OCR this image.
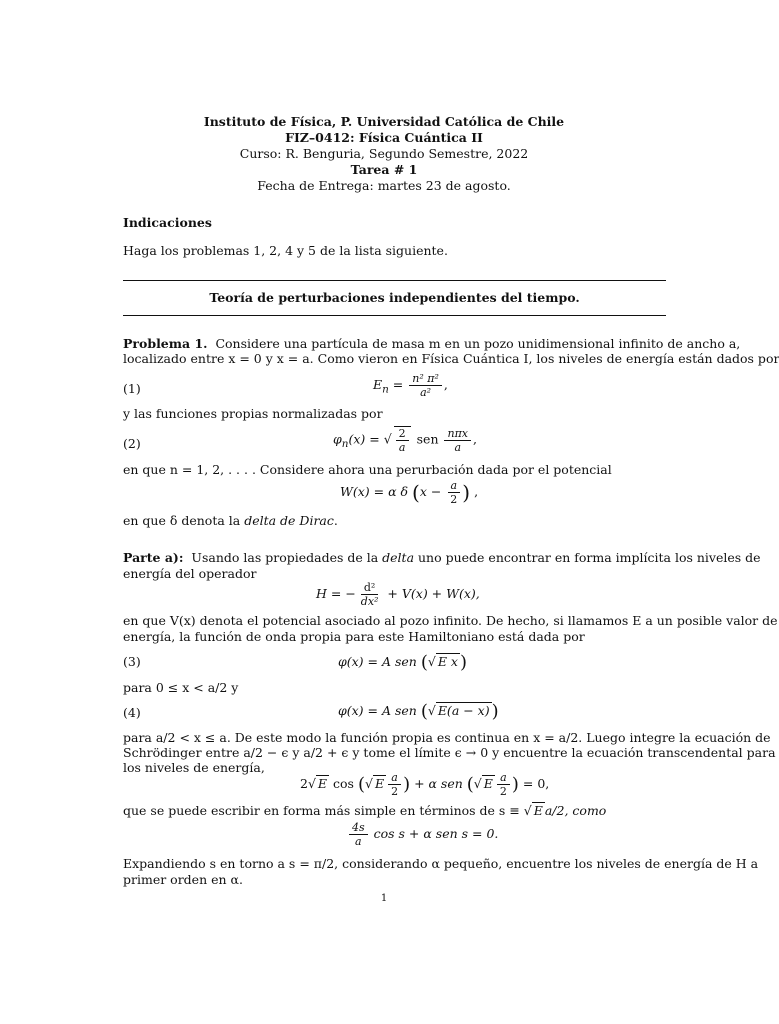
Instituto de Física, P. Universidad Católica de Chile
FIZ–0412: Física Cuántica II
Curso: R. Benguria, Segundo Semestre, 2022
Tarea # 1
Fecha de Entrega: martes 23 de agosto.
Indicaciones
Haga los problemas 1, 2, 4 y 5 de la lista siguiente.
Teoría de perturbaciones independientes del tiempo.
Problema 1. Considere una partícula de masa m en un pozo unidimensional infinito de ancho a,
localizado entre x = 0 y x = a. Como vieron en Física Cuántica I, los niveles de energía están dados por
(1)	$E_n = \frac{\text{n² π²}}{\text{a²}}$ ,
y las funciones propias normalizadas por
(2)	$\varphi_n(x)$ = √ $\frac{2}{a}$ sen $\frac{\text{nπx}}{a}$ ,
en que n = 1, 2, . . . . Considere ahora una perurbación dada por el potencial
W(x) = α δ ($x - \frac{a}{2}$ ) ,
en que δ denota la delta de Dirac.
Parte a): Usando las propiedades de la delta uno puede encontrar en forma implícita los niveles de
energía del operador
H = − $\frac{\text{d²}}{\text{dx²}} + V(x) + W(x)$,
en que V(x) denota el potencial asociado al pozo infinito. De hecho, si llamamos E a un posible valor de
energía, la función de onda propia para este Hamiltoniano está dada por
(3)	φ(x) = A sen (√ E x )
para 0 ≤ x < a/2 y
(4)	φ(x) = A sen (√ E(a − x) )
para a/2 < x ≤ a. De este modo la función propia es continua en x = a/2. Luego integre la ecuación de
Schrödinger entre a/2 − ϵ y a/2 + ϵ y tome el límite ϵ → 0 y encuentre la ecuación transcendental para
los niveles de energía,
2√ E cos (√ E $\frac{a}{2}$ ) + α sen (√ E $\frac{a}{2}$ ) = 0,
que se puede escribir en forma más simple en términos de s ≡ √ E a/2, como
$\frac{4s}{a}$ cos s + α sen s = 0.
Expandiendo s en torno a s = π/2, considerando α pequeño, encuentre los niveles de energía de H a
primer orden en α.
1
